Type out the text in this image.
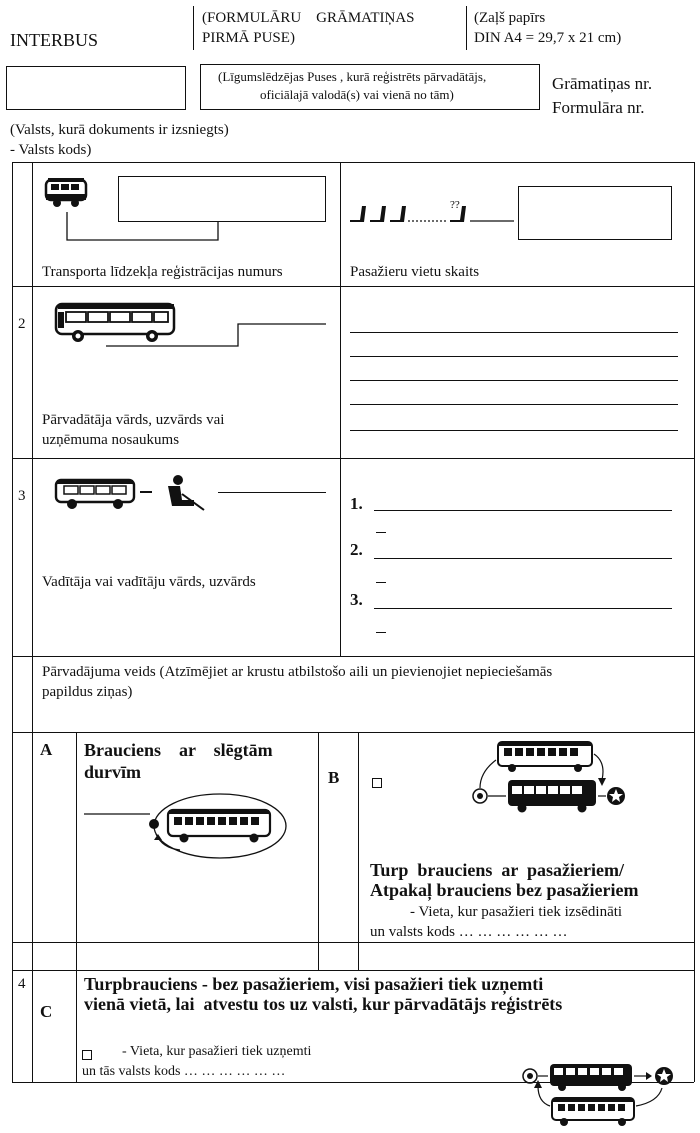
INTERBUS
(FORMULĀRU    GRĀMATIŅAS
PIRMĀ PUSE)
(Zaļš papīrs
DIN A4 = 29,7 x 21 cm)
(Līgumslēdzējas Puses , kurā reģistrēts pārvadātājs,
oficiālajā valodā(s) vai vienā no tām)
Grāmatiņas nr.
Formulāra nr.
(Valsts, kurā dokuments ir izsniegts)
- Valsts kods)
Transporta līdzekļa reģistrācijas numurs
??
Pasažieru vietu skaits
2
Pārvadātāja vārds, uzvārds vai
uzņēmuma nosaukums
3
Vadītāja vai vadītāju vārds, uzvārds
1.
2.
3.
Pārvadājuma veids (Atzīmējiet ar krustu atbilstošo aili un pievienojiet nepieciešamās
papildus ziņas)
A Brauciens    ar    slēgtām
durvīm	B
Turp  brauciens  ar  pasažieriem/
Atpakaļ brauciens bez pasažieriem
- Vieta, kur pasažieri tiek izsēdināti
un valsts kods … … … … … …
4
C
Turpbrauciens - bez pasažieriem, visi pasažieri tiek uzņemti
vienā vietā, lai  atvestu tos uz valsti, kur pārvadātājs reģistrēts
- Vieta, kur pasažieri tiek uzņemti
un tās valsts kods … … … … … …
